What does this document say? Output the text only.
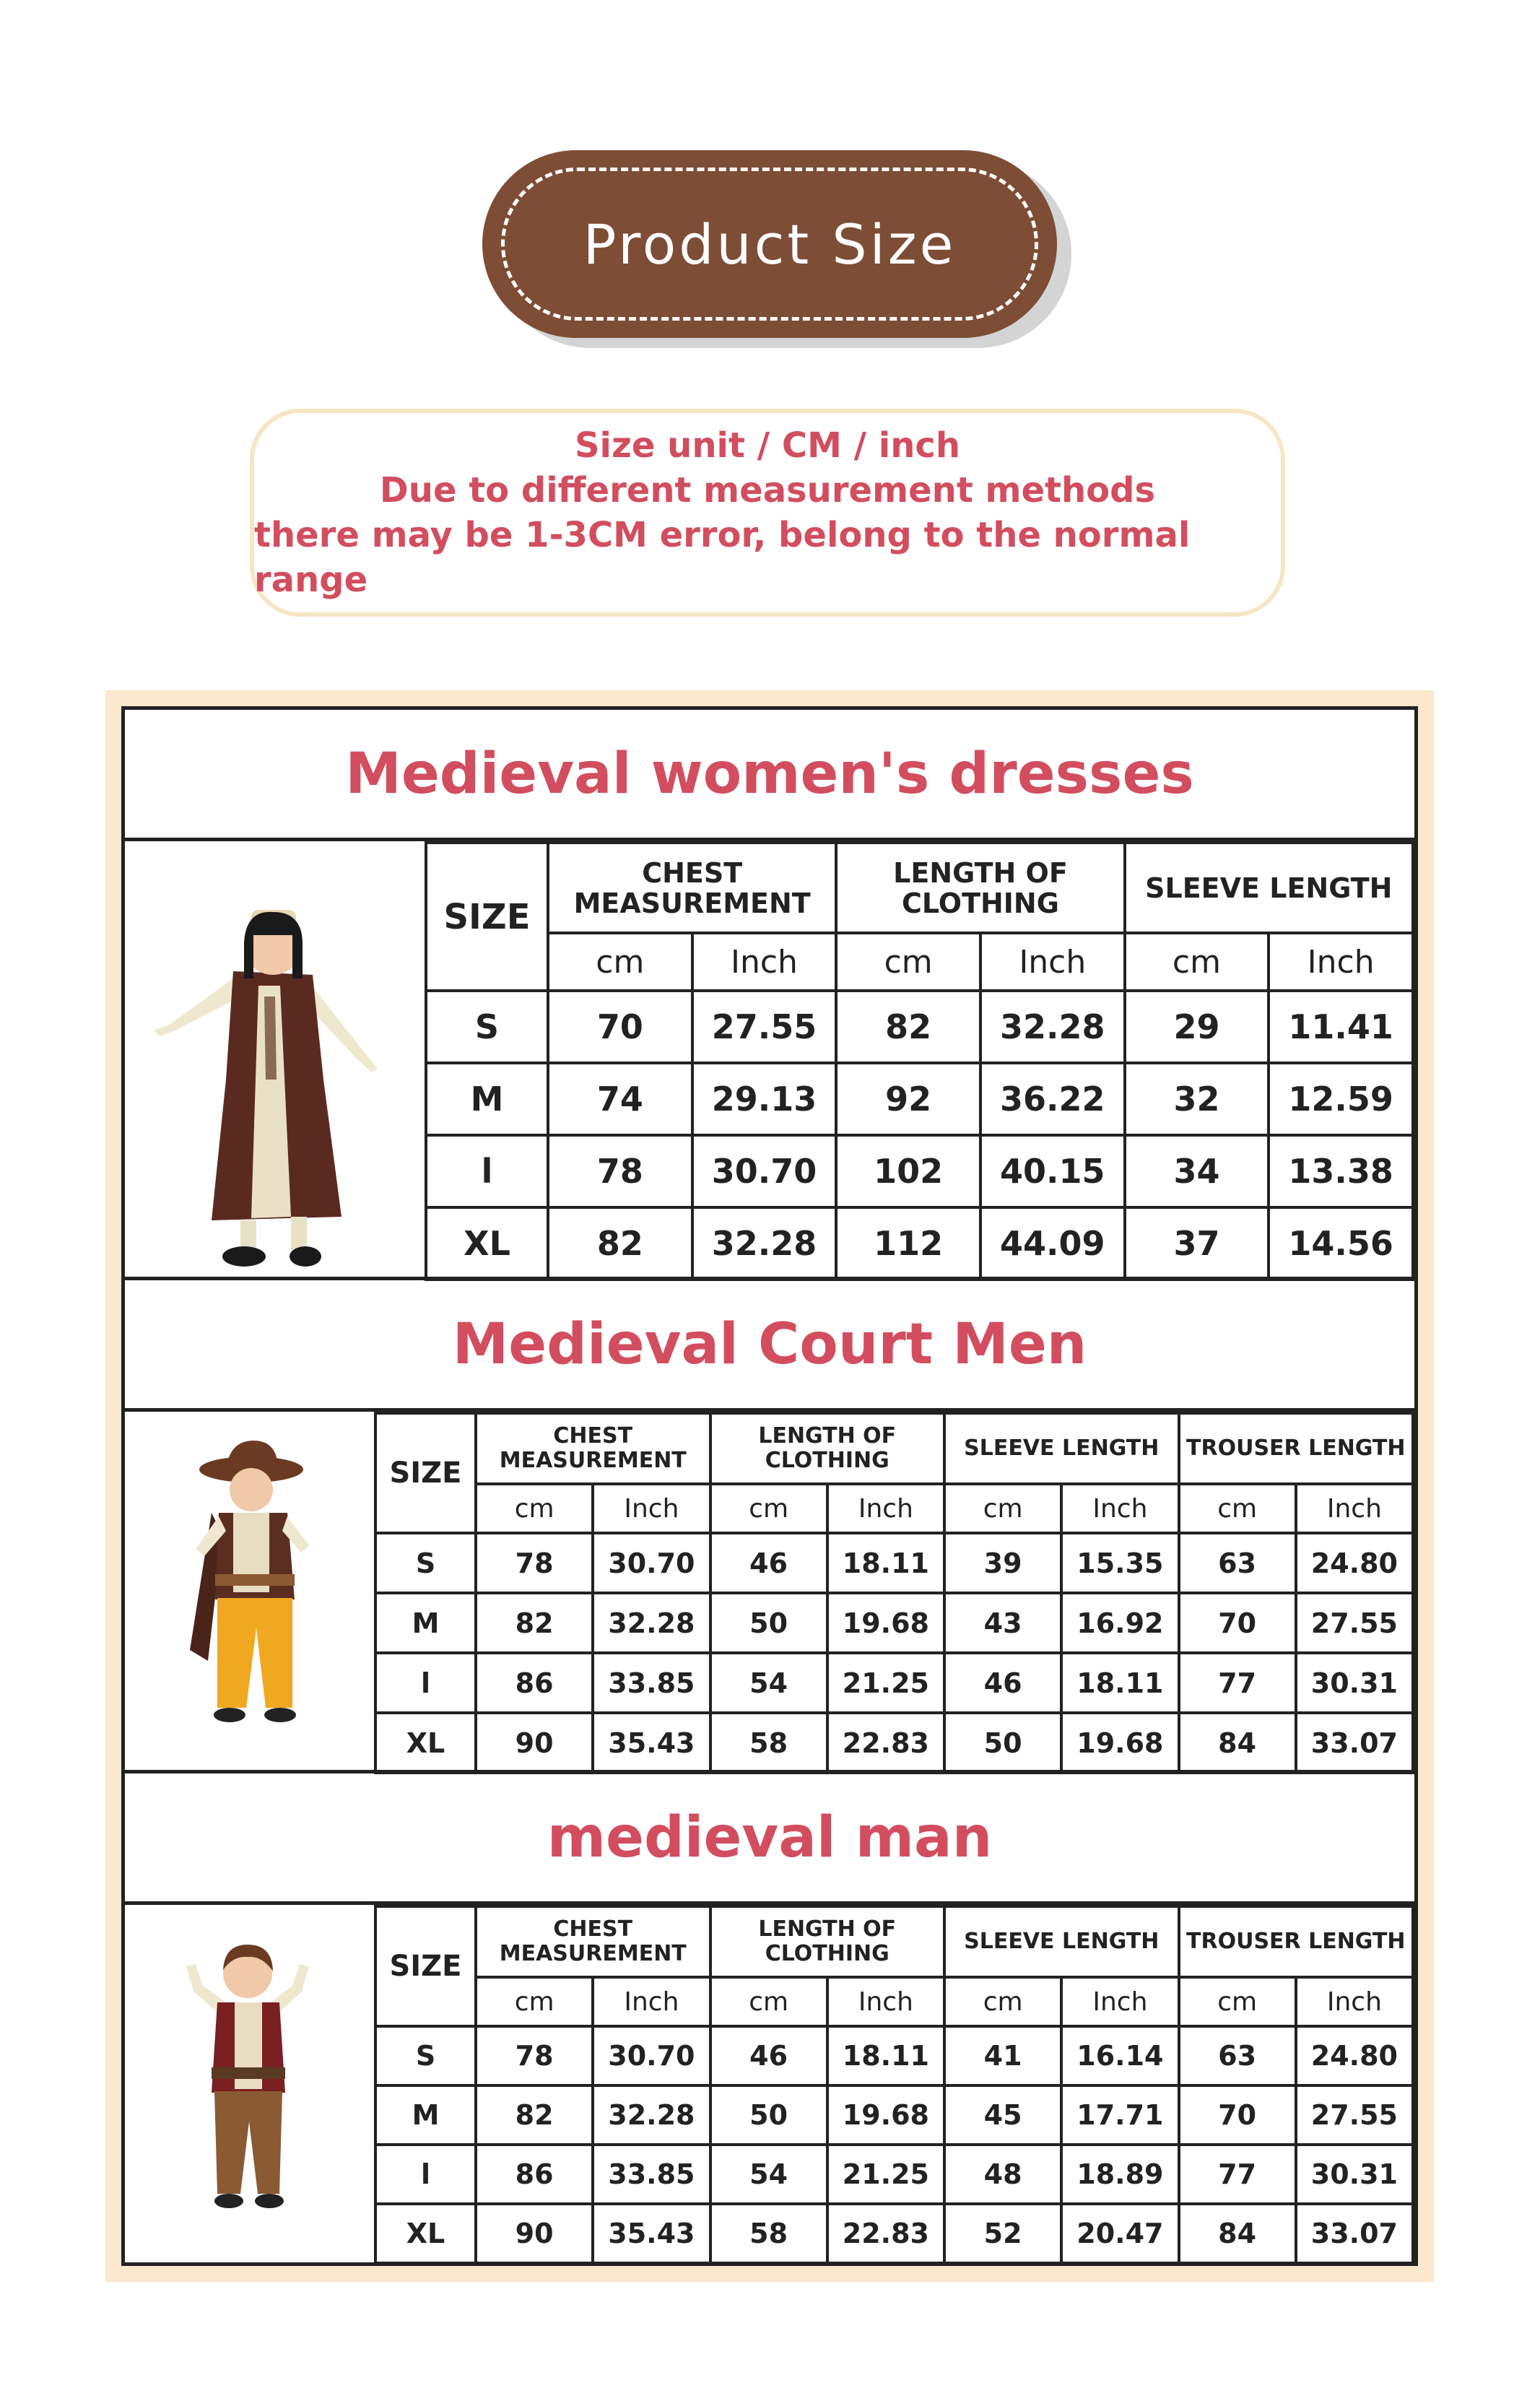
Product Size
Size unit / CM / inch
Due to different measurement methods
there may be 1-3CM error, belong to the normal range
Medieval women's dresses
SIZE	CHEST MEASUREMENT		LENGTH OF CLOTHING		SLEEVE LENGTH	
	cm	Inch	cm	Inch	cm	Inch
S	70	27.55	82	32.28	29	11.41
M	74	29.13	92	36.22	32	12.59
l	78	30.70	102	40.15	34	13.38
XL	82	32.28	112	44.09	37	14.56
Medieval Court Men
SIZE	CHEST MEASUREMENT		LENGTH OF CLOTHING		SLEEVE LENGTH		TROUSER LENGTH	
	cm	Inch	cm	Inch	cm	Inch	cm	Inch
S	78	30.70	46	18.11	39	15.35	63	24.80
M	82	32.28	50	19.68	43	16.92	70	27.55
l	86	33.85	54	21.25	46	18.11	77	30.31
XL	90	35.43	58	22.83	50	19.68	84	33.07
medieval man
SIZE	CHEST MEASUREMENT		LENGTH OF CLOTHING		SLEEVE LENGTH		TROUSER LENGTH	
	cm	Inch	cm	Inch	cm	Inch	cm	Inch
S	78	30.70	46	18.11	41	16.14	63	24.80
M	82	32.28	50	19.68	45	17.71	70	27.55
l	86	33.85	54	21.25	48	18.89	77	30.31
XL	90	35.43	58	22.83	52	20.47	84	33.07
